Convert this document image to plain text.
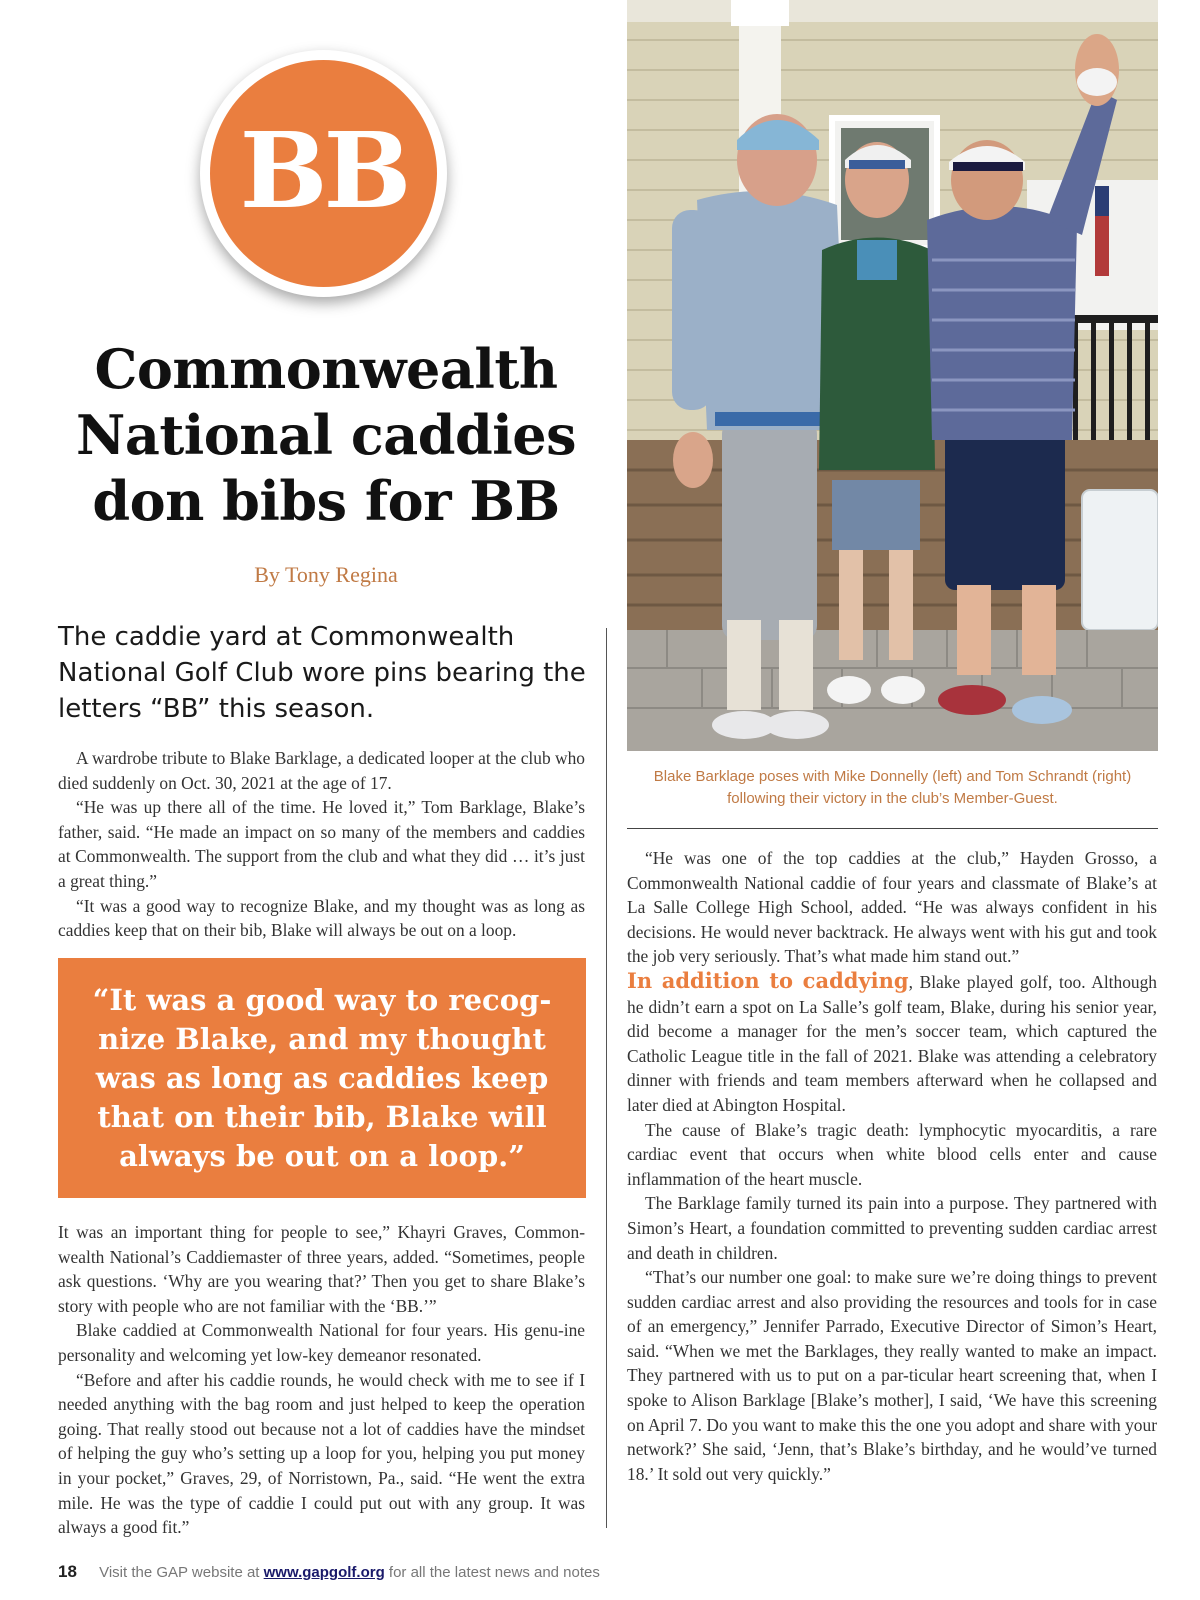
BB
Commonwealth National caddies don bibs for BB
By Tony Regina
The caddie yard at Commonwealth National Golf Club wore pins bearing the letters “BB” this season.

A wardrobe tribute to Blake Barklage, a dedicated looper at the club who died suddenly on Oct. 30, 2021 at the age of 17.

“He was up there all of the time. He loved it,” Tom Barklage, Blake’s father, said. “He made an impact on so many of the members and caddies at Commonwealth. The support from the club and what they did … it’s just a great thing.”

“It was a good way to recognize Blake, and my thought was as long as caddies keep that on their bib, Blake will always be out on a loop.

“It was a good way to recog-nize Blake, and my thought was as long as caddies keep that on their bib, Blake will always be out on a loop.”

It was an important thing for people to see,” Khayri Graves, Common-wealth National’s Caddiemaster of three years, added. “Sometimes, people ask questions. ‘Why are you wearing that?’ Then you get to share Blake’s story with people who are not familiar with the ‘BB.’”

Blake caddied at Commonwealth National for four years. His genu-ine personality and welcoming yet low-key demeanor resonated.

“Before and after his caddie rounds, he would check with me to see if I needed anything with the bag room and just helped to keep the operation going. That really stood out because not a lot of caddies have the mindset of helping the guy who’s setting up a loop for you, helping you put money in your pocket,” Graves, 29, of Norristown, Pa., said. “He went the extra mile. He was the type of caddie I could put out with any group. It was always a good fit.”

Blake Barklage poses with Mike Donnelly (left) and Tom Schrandt (right) following their victory in the club’s Member-Guest.

“He was one of the top caddies at the club,” Hayden Grosso, a Commonwealth National caddie of four years and classmate of Blake’s at La Salle College High School, added. “He was always confident in his decisions. He would never backtrack. He always went with his gut and took the job very seriously. That’s what made him stand out.”

In addition to caddying, Blake played golf, too. Although he didn’t earn a spot on La Salle’s golf team, Blake, during his senior year, did become a manager for the men’s soccer team, which captured the Catholic League title in the fall of 2021. Blake was attending a celebratory dinner with friends and team members afterward when he collapsed and later died at Abington Hospital.

The cause of Blake’s tragic death: lymphocytic myocarditis, a rare cardiac event that occurs when white blood cells enter and cause inflammation of the heart muscle.

The Barklage family turned its pain into a purpose. They partnered with Simon’s Heart, a foundation committed to preventing sudden cardiac arrest and death in children.

“That’s our number one goal: to make sure we’re doing things to prevent sudden cardiac arrest and also providing the resources and tools for in case of an emergency,” Jennifer Parrado, Executive Director of Simon’s Heart, said. “When we met the Barklages, they really wanted to make an impact. They partnered with us to put on a par-ticular heart screening that, when I spoke to Alison Barklage [Blake’s mother], I said, ‘We have this screening on April 7. Do you want to make this the one you adopt and share with your network?’ She said, ‘Jenn, that’s Blake’s birthday, and he would’ve turned 18.’ It sold out very quickly.”

18 Visit the GAP website at www.gapgolf.org for all the latest news and notes
